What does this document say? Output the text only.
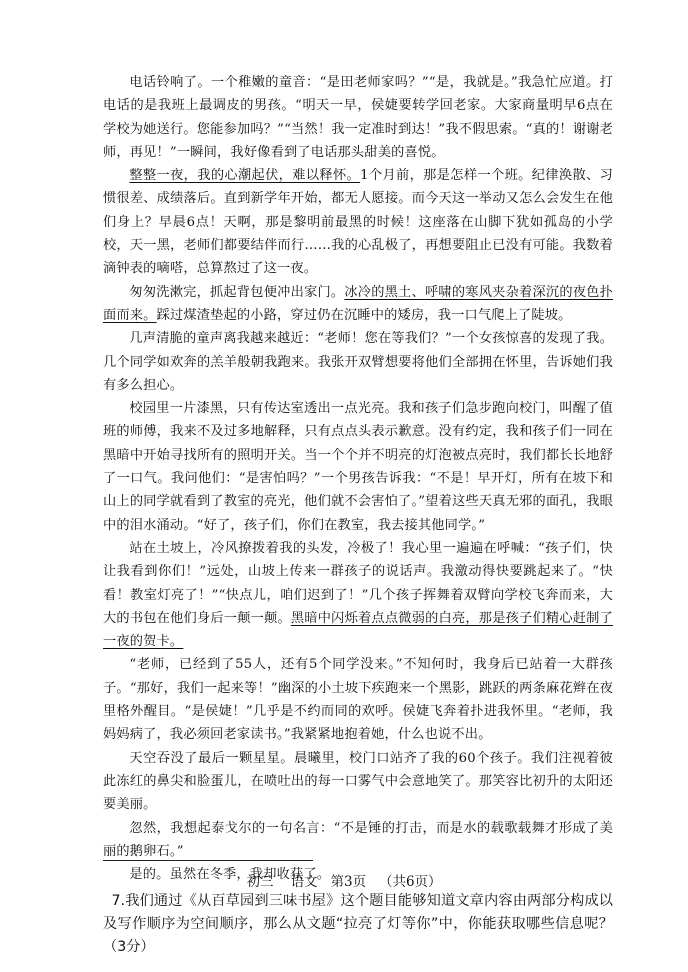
电话铃响了。一个稚嫩的童音：“是田老师家吗？”“是，我就是。”我急忙应道。打电话的是我班上最调皮的男孩。“明天一早，侯婕要转学回老家。大家商量明早6点在学校为她送行。您能参加吗？”“当然！我一定准时到达！”我不假思索。“真的！谢谢老师，再见！”一瞬间，我好像看到了电话那头甜美的喜悦。

整整一夜，我的心潮起伏，难以释怀。1个月前，那是怎样一个班。纪律涣散、习惯很差、成绩落后。直到新学年开始，都无人愿接。而今天这一举动又怎么会发生在他们身上？早晨6点！天啊，那是黎明前最黑的时候！这座落在山脚下犹如孤岛的小学校，天一黑，老师们都要结伴而行……我的心乱极了，再想要阻止已没有可能。我数着滴钟表的嘀嗒，总算熬过了这一夜。

匆匆洗漱完，抓起背包便冲出家门。冰冷的黑土、呼啸的寒风夹杂着深沉的夜色扑面而来。踩过煤渣垫起的小路，穿过仍在沉睡中的矮房，我一口气爬上了陡坡。

几声清脆的童声离我越来越近：“老师！您在等我们？”一个女孩惊喜的发现了我。几个同学如欢奔的羔羊般朝我跑来。我张开双臂想要将他们全部拥在怀里，告诉她们我有多么担心。

校园里一片漆黑，只有传达室透出一点光亮。我和孩子们急步跑向校门，叫醒了值班的师傅，我来不及过多地解释，只有点点头表示歉意。没有约定，我和孩子们一同在黑暗中开始寻找所有的照明开关。当一个个并不明亮的灯泡被点亮时，我们都长长地舒了一口气。我问他们：“是害怕吗？”一个男孩告诉我：“不是！早开灯，所有在坡下和山上的同学就看到了教室的亮光，他们就不会害怕了。”望着这些天真无邪的面孔，我眼中的泪水涌动。“好了，孩子们，你们在教室，我去接其他同学。”

站在土坡上，冷风撩拨着我的头发，冷极了！我心里一遍遍在呼喊：“孩子们，快让我看到你们！”远处，山坡上传来一群孩子的说话声。我激动得快要跳起来了。“快看！教室灯亮了！”“快点儿，咱们迟到了！”几个孩子挥舞着双臂向学校飞奔而来，大大的书包在他们身后一颠一颠。黑暗中闪烁着点点微弱的白亮，那是孩子们精心赶制了一夜的贺卡。

“老师，已经到了55人，还有5个同学没来。”不知何时，我身后已站着一大群孩子。“那好，我们一起来等！”幽深的小土坡下疾跑来一个黑影，跳跃的两条麻花辫在夜里格外醒目。“是侯婕！”几乎是不约而同的欢呼。侯婕飞奔着扑进我怀里。“老师，我妈妈病了，我必须回老家读书。”我紧紧地抱着她，什么也说不出。

天空吞没了最后一颗星星。晨曦里，校门口站齐了我的60个孩子。我们注视着彼此冻红的鼻尖和脸蛋儿，在喷吐出的每一口雾气中会意地笑了。那笑容比初升的太阳还要美丽。

忽然，我想起泰戈尔的一句名言：“不是锤的打击，而是水的载歌载舞才形成了美丽的鹅卵石。”

是的。虽然在冬季，我却收获了。

7.我们通过《从百草园到三味书屋》这个题目能够知道文章内容由两部分构成以及写作顺序为空间顺序，那么从文题“拉亮了灯等你”中，你能获取哪些信息呢？（3分）

初三    语文   第3页   （共6页）
